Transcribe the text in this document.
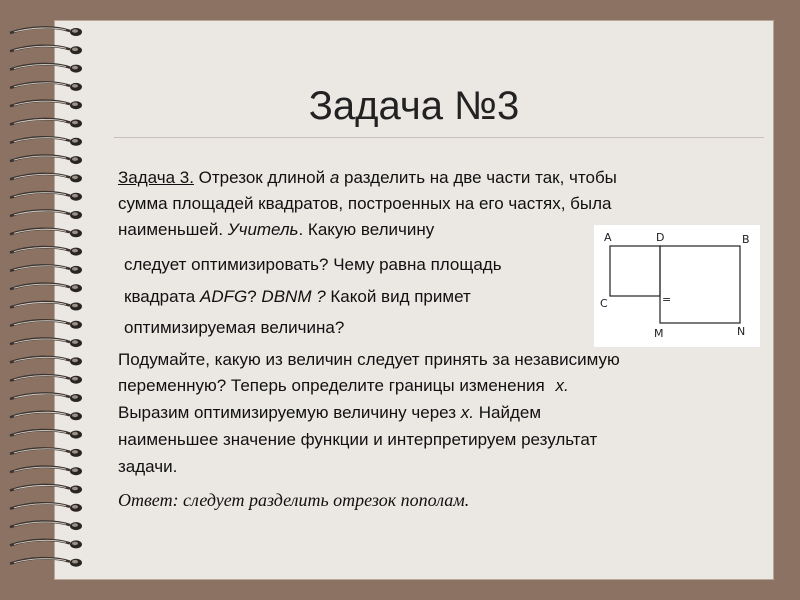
Задача №3
Задача 3. Отрезок длиной a разделить на две части так, чтобы
сумма площадей квадратов, построенных на его частях, была
наименьшей. Учитель. Какую величину
следует оптимизировать? Чему равна площадь
квадрата ADFG? DBNM ? Какой вид примет
оптимизируемая величина?
A	D	B
C	=
M	N
Подумайте, какую из величин следует принять за независимую
переменную? Теперь определите границы изменения x.
Выразим оптимизируемую величину через x. Найдем
наименьшее значение функции и интерпретируем результат
задачи.
Ответ: следует разделить отрезок пополам.
